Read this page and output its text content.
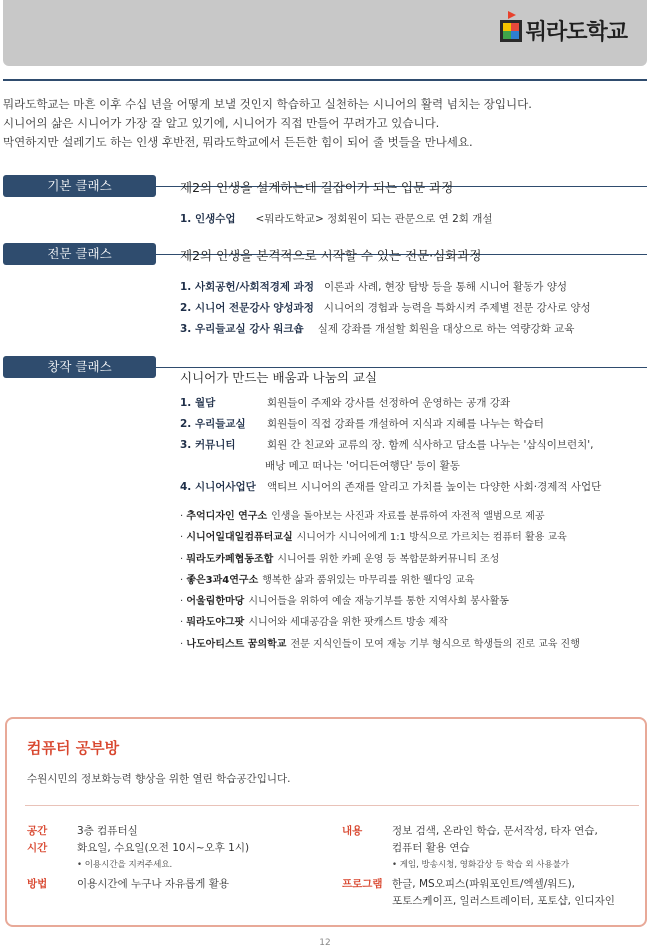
뭐라도학교
뭐라도학교는 마흔 이후 수십 년을 어떻게 보낼 것인지 학습하고 실천하는 시니어의 활력 넘치는 장입니다.
시니어의 삶은 시니어가 가장 잘 알고 있기에, 시니어가 직접 만들어 꾸려가고 있습니다.
막연하지만 설레기도 하는 인생 후반전, 뭐라도학교에서 든든한 힘이 되어 줄 벗들을 만나세요.
기본 클래스	제2의 인생을 설계하는데 길잡이가 되는 입문 과정
1. 인생수업 <뭐라도학교> 정회원이 되는 관문으로 연 2회 개설
전문 클래스	제2의 인생을 본격적으로 시작할 수 있는 전문·심화과정
1. 사회공헌/사회적경제 과정 이론과 사례, 현장 탐방 등을 통해 시니어 활동가 양성
2. 시니어 전문강사 양성과정 시니어의 경험과 능력을 특화시켜 주제별 전문 강사로 양성
3. 우리들교실 강사 워크숍 실제 강좌를 개설할 회원을 대상으로 하는 역량강화 교육
창작 클래스
시니어가 만드는 배움과 나눔의 교실
1. 월담	회원들이 주제와 강사를 선정하여 운영하는 공개 강좌
2. 우리들교실	회원들이 직접 강좌를 개설하여 지식과 지혜를 나누는 학습터
3. 커뮤니티	회원 간 친교와 교류의 장. 함께 식사하고 담소를 나누는 '삼식이브런치',
배낭 메고 떠나는 '어디든여행단' 등이 활동
4. 시니어사업단 액티브 시니어의 존재를 알리고 가치를 높이는 다양한 사회·경제적 사업단
· 추억디자인 연구소 인생을 돌아보는 사진과 자료를 분류하여 자전적 앨범으로 제공
· 시니어일대일컴퓨터교실 시니어가 시니어에게 1:1 방식으로 가르치는 컴퓨터 활용 교육
· 뭐라도카페협동조합 시니어를 위한 카페 운영 등 복합문화커뮤니티 조성
· 좋은3과4연구소 행복한 삶과 품위있는 마무리를 위한 웰다잉 교육
· 어울림한마당 시니어들을 위하여 예술 재능기부를 통한 지역사회 봉사활동
· 뭐라도야그팟 시니어와 세대공감을 위한 팟캐스트 방송 제작
· 나도아티스트 꿈의학교 전문 지식인들이 모여 재능 기부 형식으로 학생들의 진로 교육 진행
컴퓨터 공부방
수원시민의 정보화능력 향상을 위한 열린 학습공간입니다.
공간	3층 컴퓨터실
시간	화요일, 수요일(오전 10시~오후 1시)
• 이용시간을 지켜주세요.
방법	이용시간에 누구나 자유롭게 활용
내용	정보 검색, 온라인 학습, 문서작성, 타자 연습,
컴퓨터 활용 연습
• 게임, 방송시청, 영화감상 등 학습 외 사용불가
프로그램 한글, MS오피스(파워포인트/엑셀/워드),
포토스케이프, 일러스트레이터, 포토샵, 인디자인
12
